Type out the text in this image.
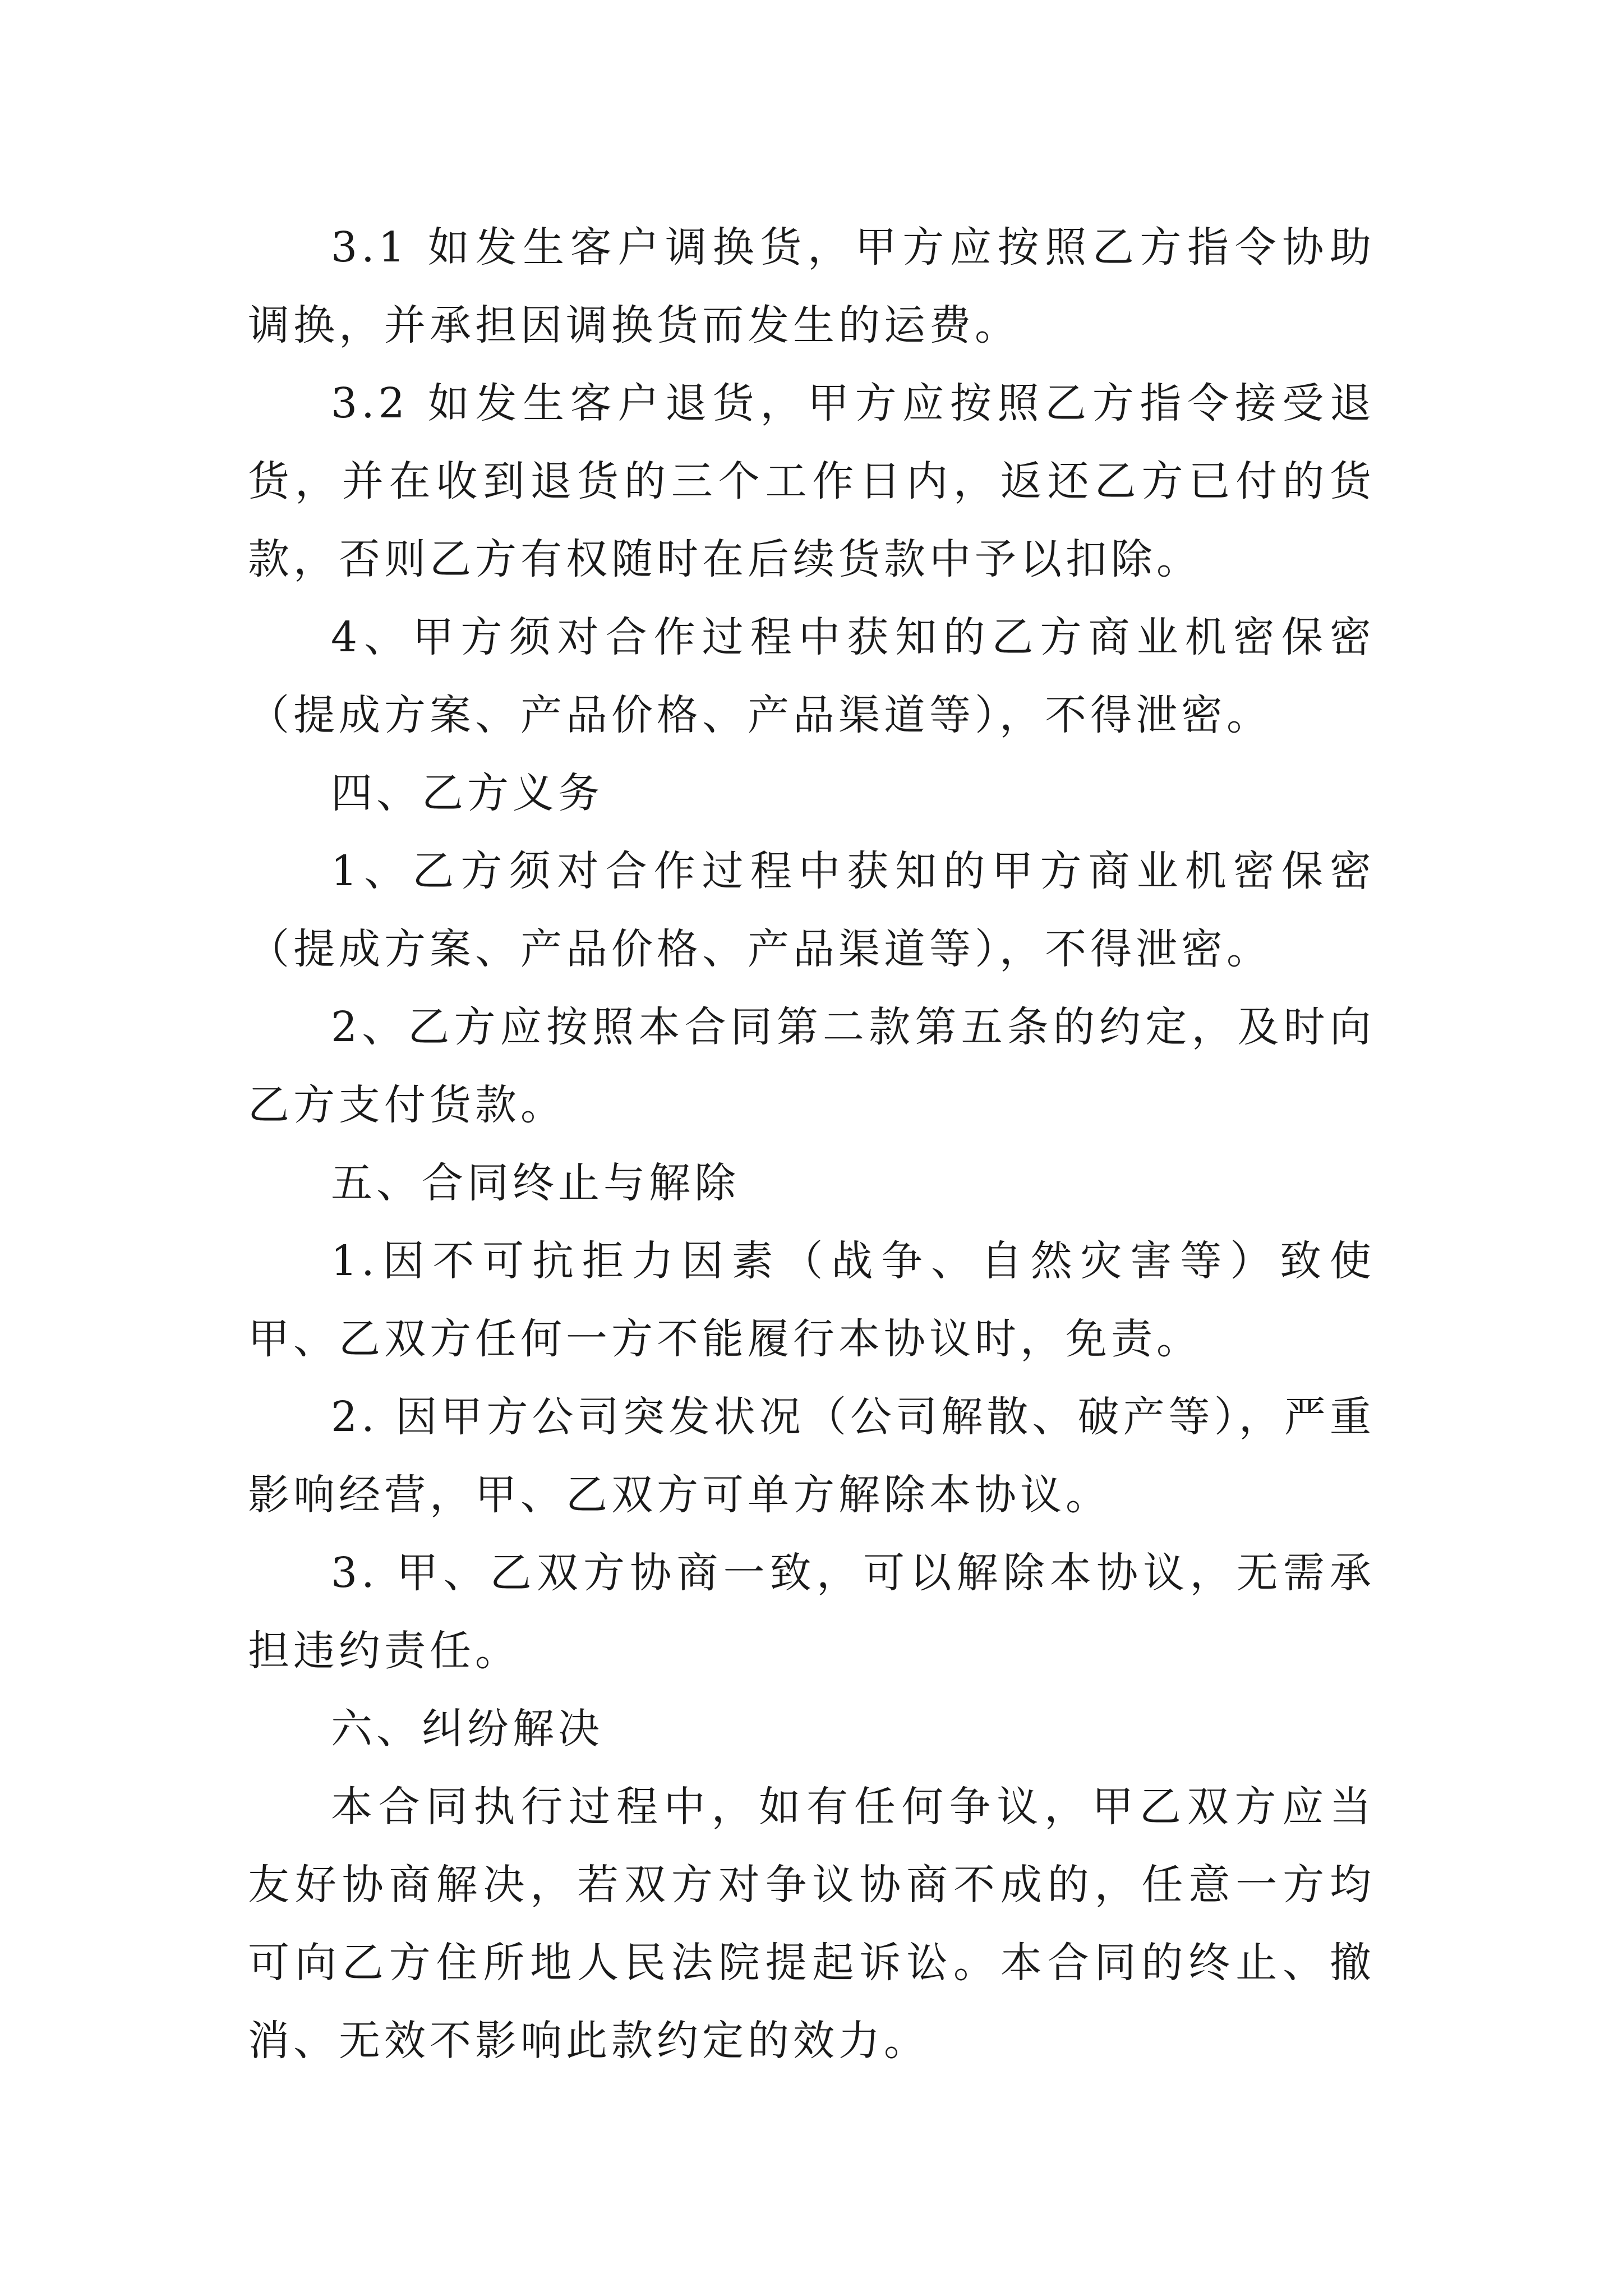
3.1 如发生客户调换货，甲方应按照乙方指令协助调换，并承担因调换货而发生的运费。

3.2 如发生客户退货，甲方应按照乙方指令接受退货，并在收到退货的三个工作日内，返还乙方已付的货款，否则乙方有权随时在后续货款中予以扣除。

4、甲方须对合作过程中获知的乙方商业机密保密（提成方案、产品价格、产品渠道等），不得泄密。

四、乙方义务

1、乙方须对合作过程中获知的甲方商业机密保密（提成方案、产品价格、产品渠道等），不得泄密。

2、乙方应按照本合同第二款第五条的约定，及时向乙方支付货款。

五、合同终止与解除

1.因不可抗拒力因素（战争、自然灾害等）致使甲、乙双方任何一方不能履行本协议时，免责。

2. 因甲方公司突发状况（公司解散、破产等），严重影响经营，甲、乙双方可单方解除本协议。

3. 甲、乙双方协商一致，可以解除本协议，无需承担违约责任。

六、纠纷解决

本合同执行过程中，如有任何争议，甲乙双方应当友好协商解决，若双方对争议协商不成的，任意一方均可向乙方住所地人民法院提起诉讼。本合同的终止、撤消、无效不影响此款约定的效力。
